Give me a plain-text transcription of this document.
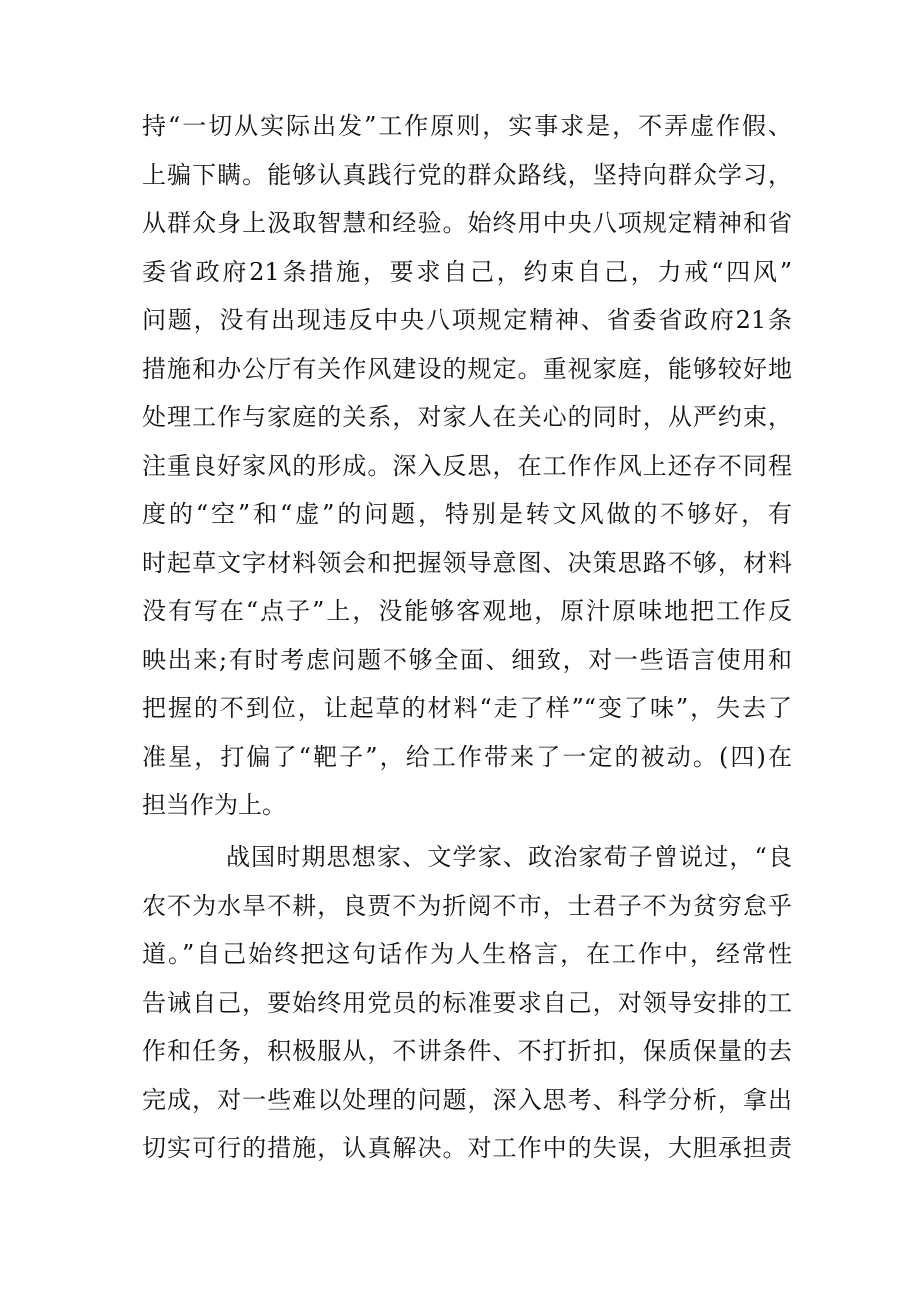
持“一切从实际出发”工作原则，实事求是，不弄虚作假、
上骗下瞒。能够认真践行党的群众路线，坚持向群众学习，
从群众身上汲取智慧和经验。始终用中央八项规定精神和省
委省政府21条措施，要求自己，约束自己，力戒“四风”
问题，没有出现违反中央八项规定精神、省委省政府21条
措施和办公厅有关作风建设的规定。重视家庭，能够较好地
处理工作与家庭的关系，对家人在关心的同时，从严约束，
注重良好家风的形成。深入反思，在工作作风上还存不同程
度的“空”和“虚”的问题，特别是转文风做的不够好，有
时起草文字材料领会和把握领导意图、决策思路不够，材料
没有写在“点子”上，没能够客观地，原汁原味地把工作反
映出来;有时考虑问题不够全面、细致，对一些语言使用和
把握的不到位，让起草的材料“走了样”“变了味”，失去了
准星，打偏了“靶子”，给工作带来了一定的被动。(四)在
担当作为上。
战国时期思想家、文学家、政治家荀子曾说过，“良
农不为水旱不耕，良贾不为折阅不市，士君子不为贫穷怠乎
道。”自己始终把这句话作为人生格言，在工作中，经常性
告诫自己，要始终用党员的标准要求自己，对领导安排的工
作和任务，积极服从，不讲条件、不打折扣，保质保量的去
完成，对一些难以处理的问题，深入思考、科学分析，拿出
切实可行的措施，认真解决。对工作中的失误，大胆承担责
